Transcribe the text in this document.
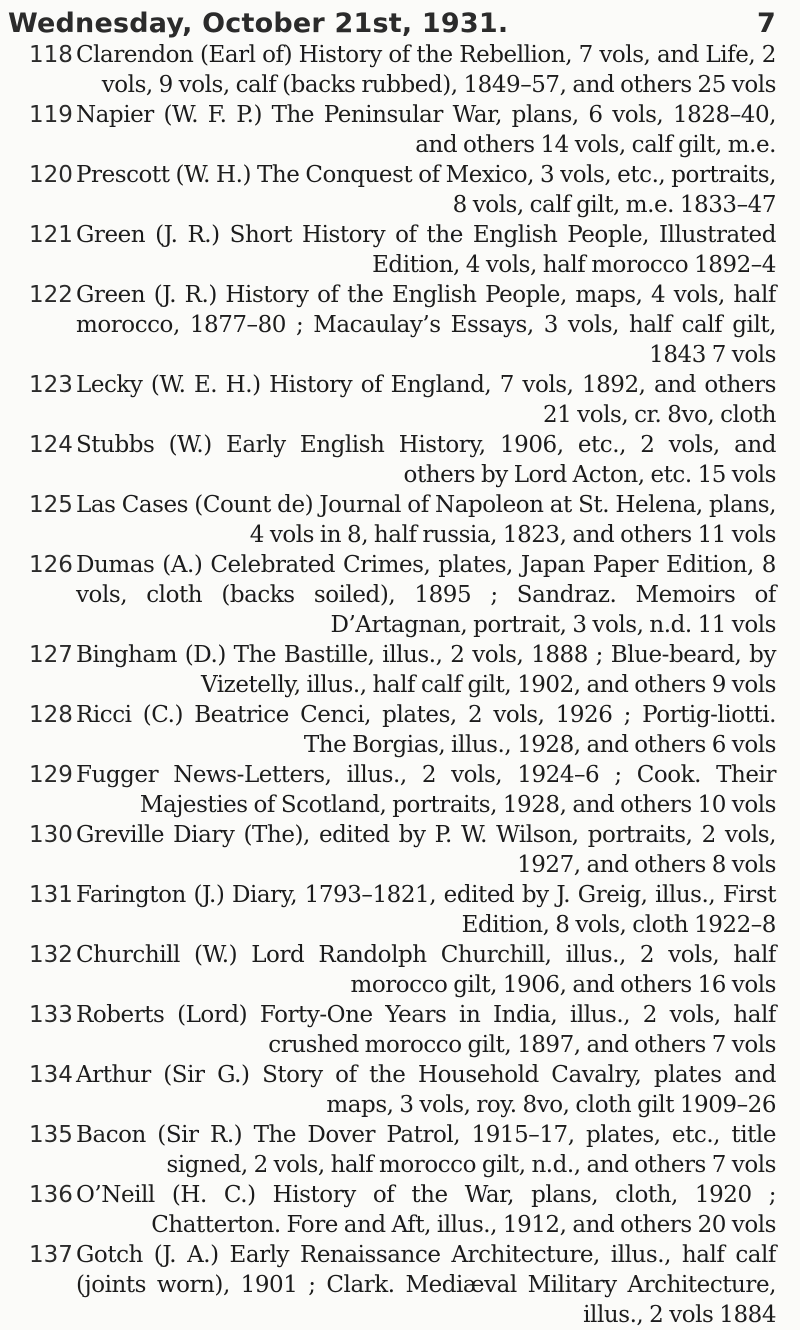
Wednesday, October 21st, 1931.	7
118 Clarendon (Earl of) History of the Rebellion, 7 vols, and Life, 2 vols, 9 vols, calf (backs rubbed), 1849–57, and others 25 vols
119 Napier (W. F. P.) The Peninsular War, plans, 6 vols, 1828–40, and others 14 vols, calf gilt, m.e.
120 Prescott (W. H.) The Conquest of Mexico, 3 vols, etc., portraits, 8 vols, calf gilt, m.e. 1833–47
121 Green (J. R.) Short History of the English People, Illustrated Edition, 4 vols, half morocco 1892–4
122 Green (J. R.) History of the English People, maps, 4 vols, half morocco, 1877–80 ; Macaulay’s Essays, 3 vols, half calf gilt, 1843 7 vols
123 Lecky (W. E. H.) History of England, 7 vols, 1892, and others 21 vols, cr. 8vo, cloth
124 Stubbs (W.) Early English History, 1906, etc., 2 vols, and others by Lord Acton, etc. 15 vols
125 Las Cases (Count de) Journal of Napoleon at St. Helena, plans, 4 vols in 8, half russia, 1823, and others 11 vols
126 Dumas (A.) Celebrated Crimes, plates, Japan Paper Edition, 8 vols, cloth (backs soiled), 1895 ; Sandraz. Memoirs of D’Artagnan, portrait, 3 vols, n.d. 11 vols
127 Bingham (D.) The Bastille, illus., 2 vols, 1888 ; Blue-beard, by Vizetelly, illus., half calf gilt, 1902, and others 9 vols
128 Ricci (C.) Beatrice Cenci, plates, 2 vols, 1926 ; Portig-liotti. The Borgias, illus., 1928, and others 6 vols
129 Fugger News-Letters, illus., 2 vols, 1924–6 ; Cook. Their Majesties of Scotland, portraits, 1928, and others 10 vols
130 Greville Diary (The), edited by P. W. Wilson, portraits, 2 vols, 1927, and others 8 vols
131 Farington (J.) Diary, 1793–1821, edited by J. Greig, illus., First Edition, 8 vols, cloth 1922–8
132 Churchill (W.) Lord Randolph Churchill, illus., 2 vols, half morocco gilt, 1906, and others 16 vols
133 Roberts (Lord) Forty-One Years in India, illus., 2 vols, half crushed morocco gilt, 1897, and others 7 vols
134 Arthur (Sir G.) Story of the Household Cavalry, plates and maps, 3 vols, roy. 8vo, cloth gilt 1909–26
135 Bacon (Sir R.) The Dover Patrol, 1915–17, plates, etc., title signed, 2 vols, half morocco gilt, n.d., and others 7 vols
136 O’Neill (H. C.) History of the War, plans, cloth, 1920 ; Chatterton. Fore and Aft, illus., 1912, and others 20 vols
137 Gotch (J. A.) Early Renaissance Architecture, illus., half calf (joints worn), 1901 ; Clark. Mediæval Military Architecture, illus., 2 vols 1884
